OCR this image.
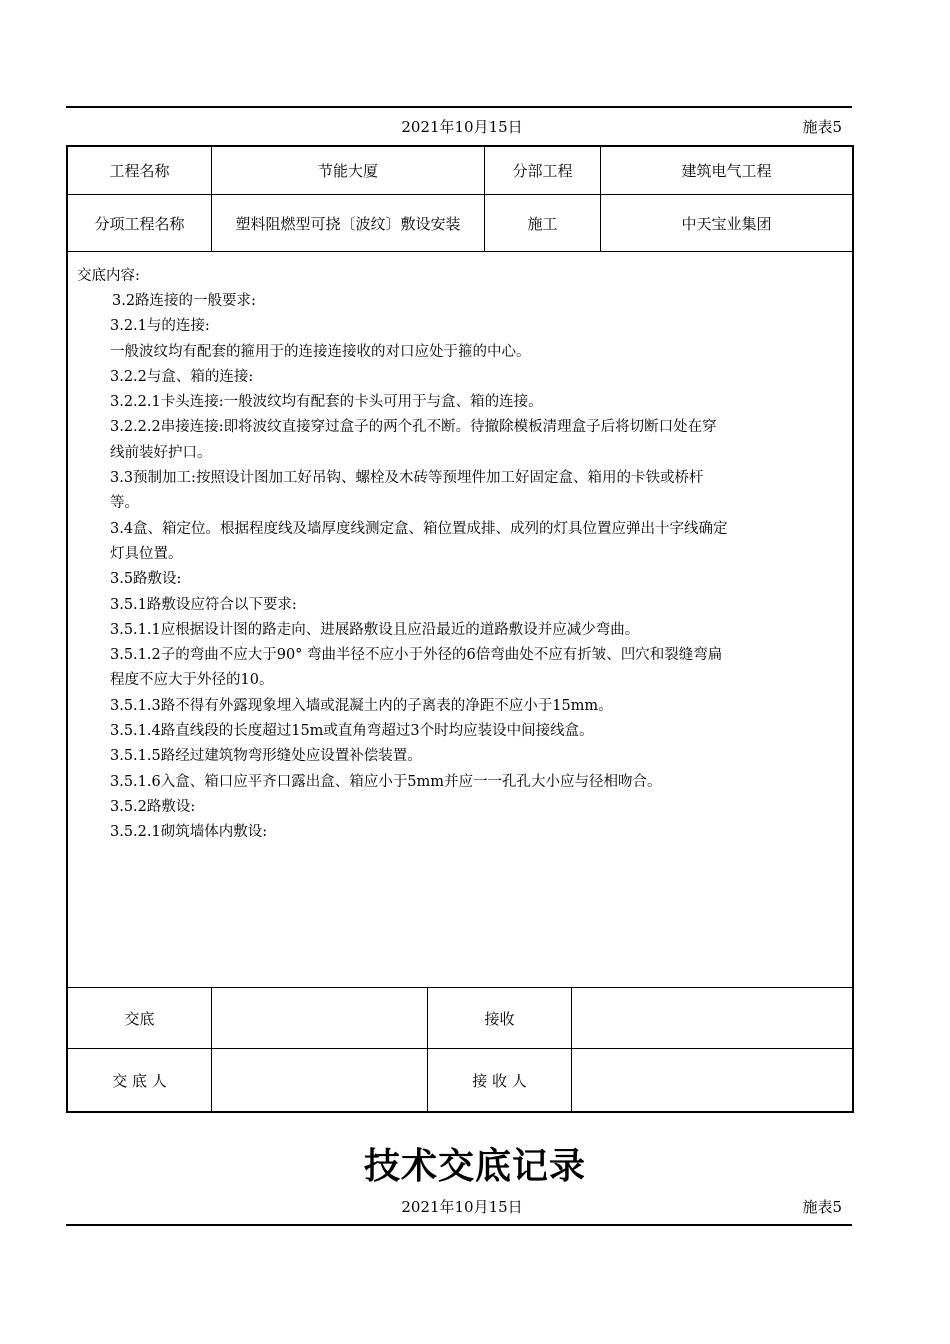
2021年10月15日	施表5
工程名称	节能大厦	分部工程	建筑电气工程
分项工程名称	塑料阻燃型可挠〔波纹〕敷设安装	施工	中天宝业集团
交底内容:
3.2路连接的一般要求:
3.2.1与的连接:
一般波纹均有配套的箍用于的连接连接收的对口应处于箍的中心。
3.2.2与盒、箱的连接:
3.2.2.1卡头连接:一般波纹均有配套的卡头可用于与盒、箱的连接。
3.2.2.2串接连接:即将波纹直接穿过盒子的两个孔不断。待撤除模板清理盒子后将切断口处在穿
线前装好护口。
3.3预制加工:按照设计图加工好吊钩、螺栓及木砖等预埋件加工好固定盒、箱用的卡铁或桥杆
等。
3.4盒、箱定位。根据程度线及墙厚度线测定盒、箱位置成排、成列的灯具位置应弹出十字线确定
灯具位置。
3.5路敷设:
3.5.1路敷设应符合以下要求:
3.5.1.1应根据设计图的路走向、进展路敷设且应沿最近的道路敷设并应减少弯曲。
3.5.1.2子的弯曲不应大于90° 弯曲半径不应小于外径的6倍弯曲处不应有折皱、凹穴和裂缝弯扁
程度不应大于外径的10。
3.5.1.3路不得有外露现象埋入墙或混凝土内的子离表的净距不应小于15mm。
3.5.1.4路直线段的长度超过15m或直角弯超过3个时均应装设中间接线盒。
3.5.1.5路经过建筑物弯形缝处应设置补偿装置。
3.5.1.6入盒、箱口应平齐口露出盒、箱应小于5mm并应一一孔孔大小应与径相吻合。
3.5.2路敷设:
3.5.2.1砌筑墙体内敷设:
交底	接收
交 底 人	接 收 人
技术交底记录
2021年10月15日	施表5
